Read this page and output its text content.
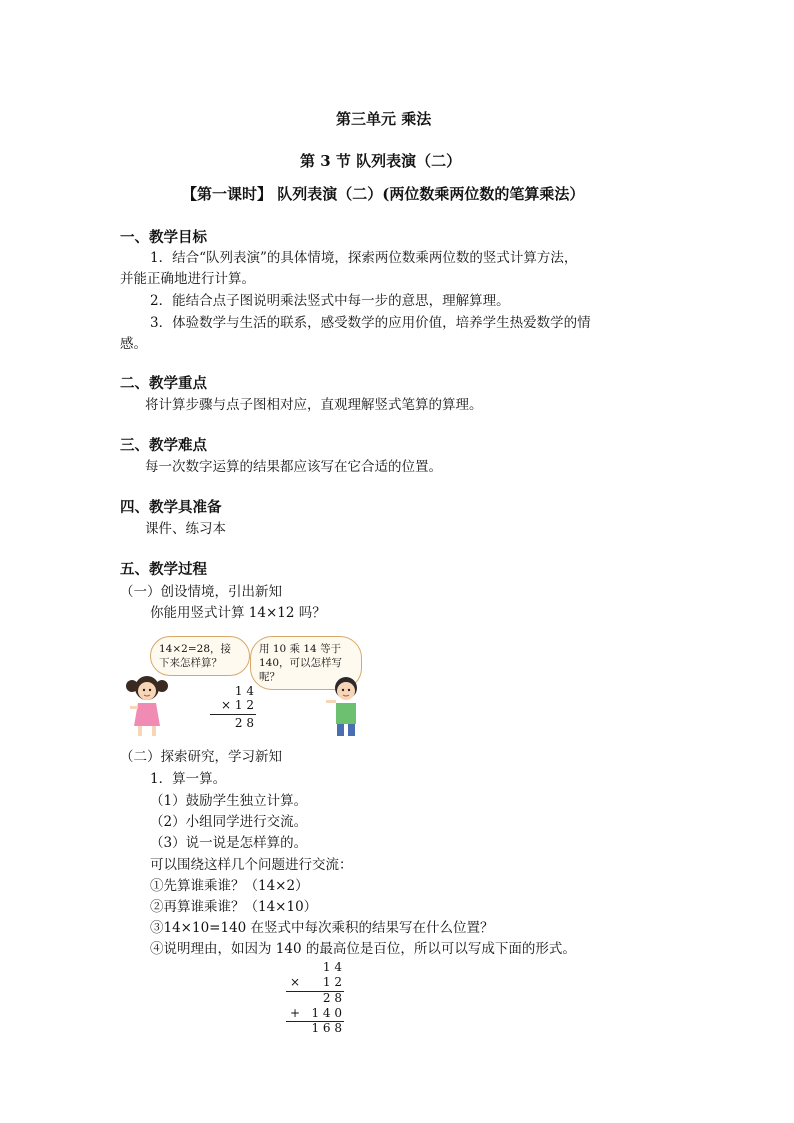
第三单元 乘法
第 3 节 队列表演（二）
【第一课时】 队列表演（二）(两位数乘两位数的笔算乘法）
一、教学目标
1．结合“队列表演”的具体情境，探索两位数乘两位数的竖式计算方法，
并能正确地进行计算。
2．能结合点子图说明乘法竖式中每一步的意思，理解算理。
3．体验数学与生活的联系，感受数学的应用价值，培养学生热爱数学的情
感。
二、教学重点
将计算步骤与点子图相对应，直观理解竖式笔算的算理。
三、教学难点
每一次数字运算的结果都应该写在它合适的位置。
四、教学具准备
课件、练习本
五、教学过程
（一）创设情境，引出新知
你能用竖式计算 14×12 吗？
14×2=28，接下来怎样算？
用 10 乘 14 等于 140，可以怎样写呢？
1 4
× 1 2
2 8
（二）探索研究，学习新知
1．算一算。
（1）鼓励学生独立计算。
（2）小组同学进行交流。
（3）说一说是怎样算的。
可以围绕这样几个问题进行交流：
①先算谁乘谁？（14×2）
②再算谁乘谁？（14×10）
③14×10=140 在竖式中每次乘积的结果写在什么位置？
④说明理由，如因为 140 的最高位是百位，所以可以写成下面的形式。
1 4
×	1 2
2 8
+ 1 4 0
1 6 8
